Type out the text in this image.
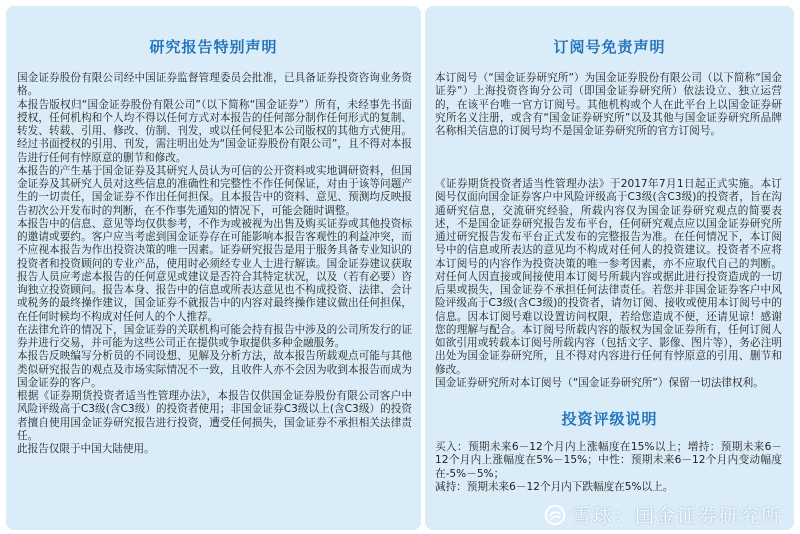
研究报告特别声明

国金证券股份有限公司经中国证券监督管理委员会批准，已具备证券投资咨询业务资格。

本报告版权归“国金证券股份有限公司”（以下简称“国金证券”）所有，未经事先书面授权，任何机构和个人均不得以任何方式对本报告的任何部分制作任何形式的复制、转发、转载、引用、修改、仿制、刊发，或以任何侵犯本公司版权的其他方式使用。经过书面授权的引用、刊发，需注明出处为“国金证券股份有限公司”，且不得对本报告进行任何有悖原意的删节和修改。

本报告的产生基于国金证券及其研究人员认为可信的公开资料或实地调研资料，但国金证券及其研究人员对这些信息的准确性和完整性不作任何保证，对由于该等问题产生的一切责任，国金证券不作出任何担保。且本报告中的资料、意见、预测均反映报告初次公开发布时的判断，在不作事先通知的情况下，可能会随时调整。

本报告中的信息、意见等均仅供参考，不作为或被视为出售及购买证券或其他投资标的邀请或要约。客户应当考虑到国金证券存在可能影响本报告客观性的利益冲突，而不应视本报告为作出投资决策的唯一因素。证券研究报告是用于服务具备专业知识的投资者和投资顾问的专业产品，使用时必须经专业人士进行解读。国金证券建议获取报告人员应考虑本报告的任何意见或建议是否符合其特定状况，以及（若有必要）咨询独立投资顾问。报告本身、报告中的信息或所表达意见也不构成投资、法律、会计或税务的最终操作建议，国金证券不就报告中的内容对最终操作建议做出任何担保，在任何时候均不构成对任何人的个人推荐。

在法律允许的情况下，国金证券的关联机构可能会持有报告中涉及的公司所发行的证券并进行交易，并可能为这些公司正在提供或争取提供多种金融服务。

本报告反映编写分析员的不同设想、见解及分析方法，故本报告所载观点可能与其他类似研究报告的观点及市场实际情况不一致，且收件人亦不会因为收到本报告而成为国金证券的客户。

根据《证券期货投资者适当性管理办法》，本报告仅供国金证券股份有限公司客户中风险评级高于C3级(含C3级）的投资者使用；非国金证券C3级以上(含C3级）的投资者擅自使用国金证券研究报告进行投资，遭受任何损失，国金证券不承担相关法律责任。

此报告仅限于中国大陆使用。

订阅号免责声明

本订阅号（“国金证券研究所”）为国金证券股份有限公司（以下简称“国金证券”）上海投资咨询分公司（即国金证券研究所）依法设立、独立运营的，在该平台唯一官方订阅号。其他机构或个人在此平台上以国金证券研究所名义注册，或含有“国金证券研究所”以及其他与国金证券研究所品牌名称相关信息的订阅号均不是国金证券研究所的官方订阅号。

《证券期货投资者适当性管理办法》于2017年7月1日起正式实施。本订阅号仅面向国金证券客户中风险评级高于C3级(含C3级)的投资者，旨在沟通研究信息，交流研究经验，所载内容仅为国金证券研究观点的简要表述，不是国金证券研究报告发布平台，任何研究观点应以国金证券研究所通过研究报告发布平台正式发布的完整报告为准。在任何情况下，本订阅号中的信息或所表达的意见均不构成对任何人的投资建议。投资者不应将本订阅号的内容作为投资决策的唯一参考因素，亦不应取代自己的判断。对任何人因直接或间接使用本订阅号所载内容或据此进行投资造成的一切后果或损失，国金证券不承担任何法律责任。若您并非国金证券客户中风险评级高于C3级(含C3级)的投资者，请勿订阅、接收或使用本订阅号中的信息。因本订阅号难以设置访问权限，若给您造成不便，还请见谅！感谢您的理解与配合。本订阅号所载内容的版权为国金证券所有，任何订阅人如欲引用或转载本订阅号所载内容（包括文字、影像、图片等），务必注明出处为国金证券研究所，且不得对内容进行任何有悖原意的引用、删节和修改。

国金证券研究所对本订阅号（“国金证券研究所”）保留一切法律权利。

投资评级说明

买入：预期未来6－12个月内上涨幅度在15%以上；增持：预期未来6－12个月内上涨幅度在5%－15%；中性：预期未来6－12个月内变动幅度在-5%－5%；

减持：预期未来6－12个月内下跌幅度在5%以上。

雪球：国金证券研究所
